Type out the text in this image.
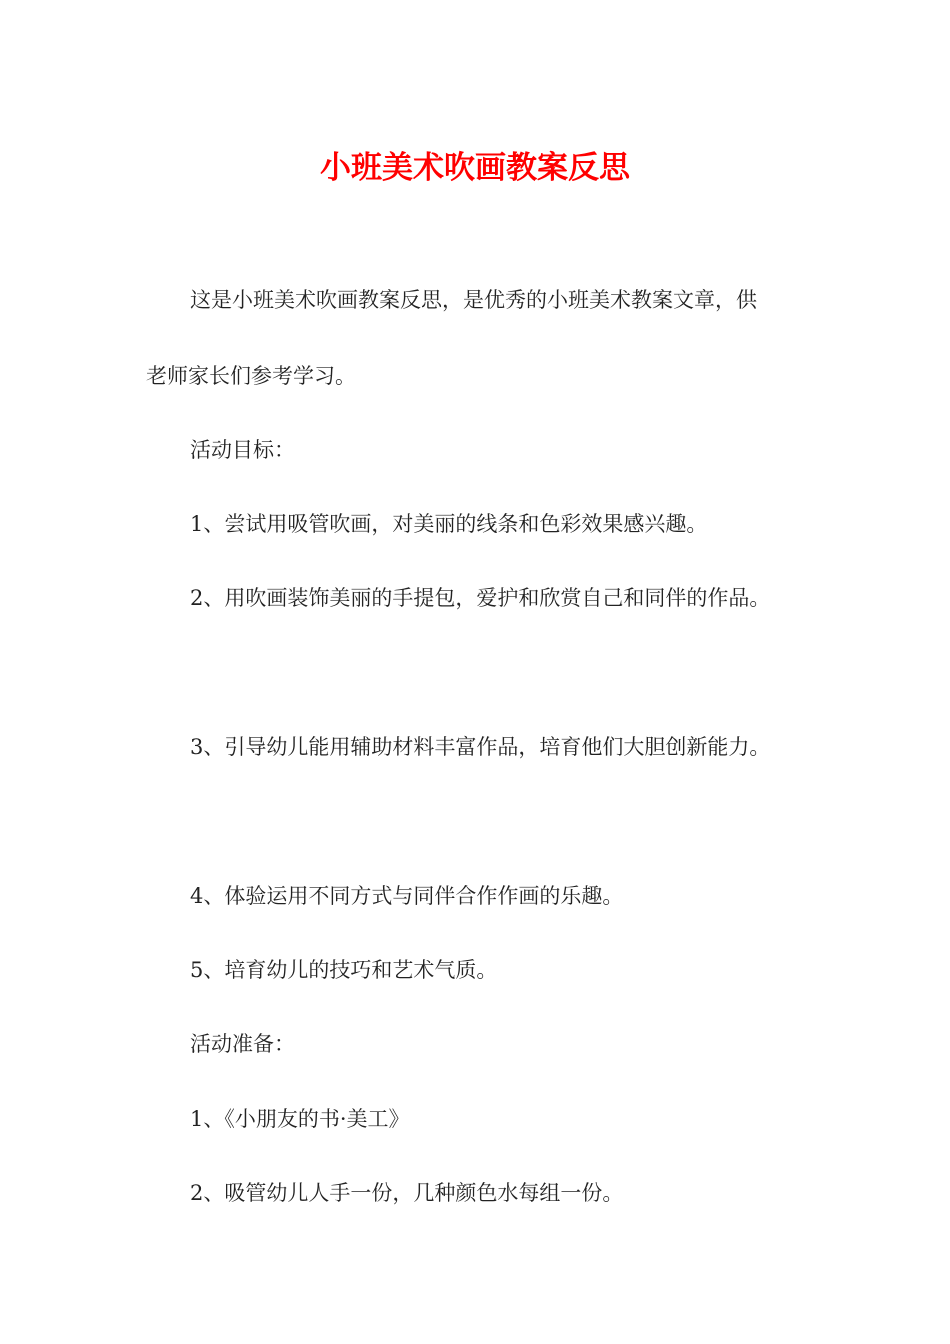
小班美术吹画教案反思
这是小班美术吹画教案反思，是优秀的小班美术教案文章，供
老师家长们参考学习。
活动目标：
1、尝试用吸管吹画，对美丽的线条和色彩效果感兴趣。
2、用吹画装饰美丽的手提包，爱护和欣赏自己和同伴的作品。
3、引导幼儿能用辅助材料丰富作品，培育他们大胆创新能力。
4、体验运用不同方式与同伴合作作画的乐趣。
5、培育幼儿的技巧和艺术气质。
活动准备：
1、《小朋友的书·美工》
2、吸管幼儿人手一份，几种颜色水每组一份。
